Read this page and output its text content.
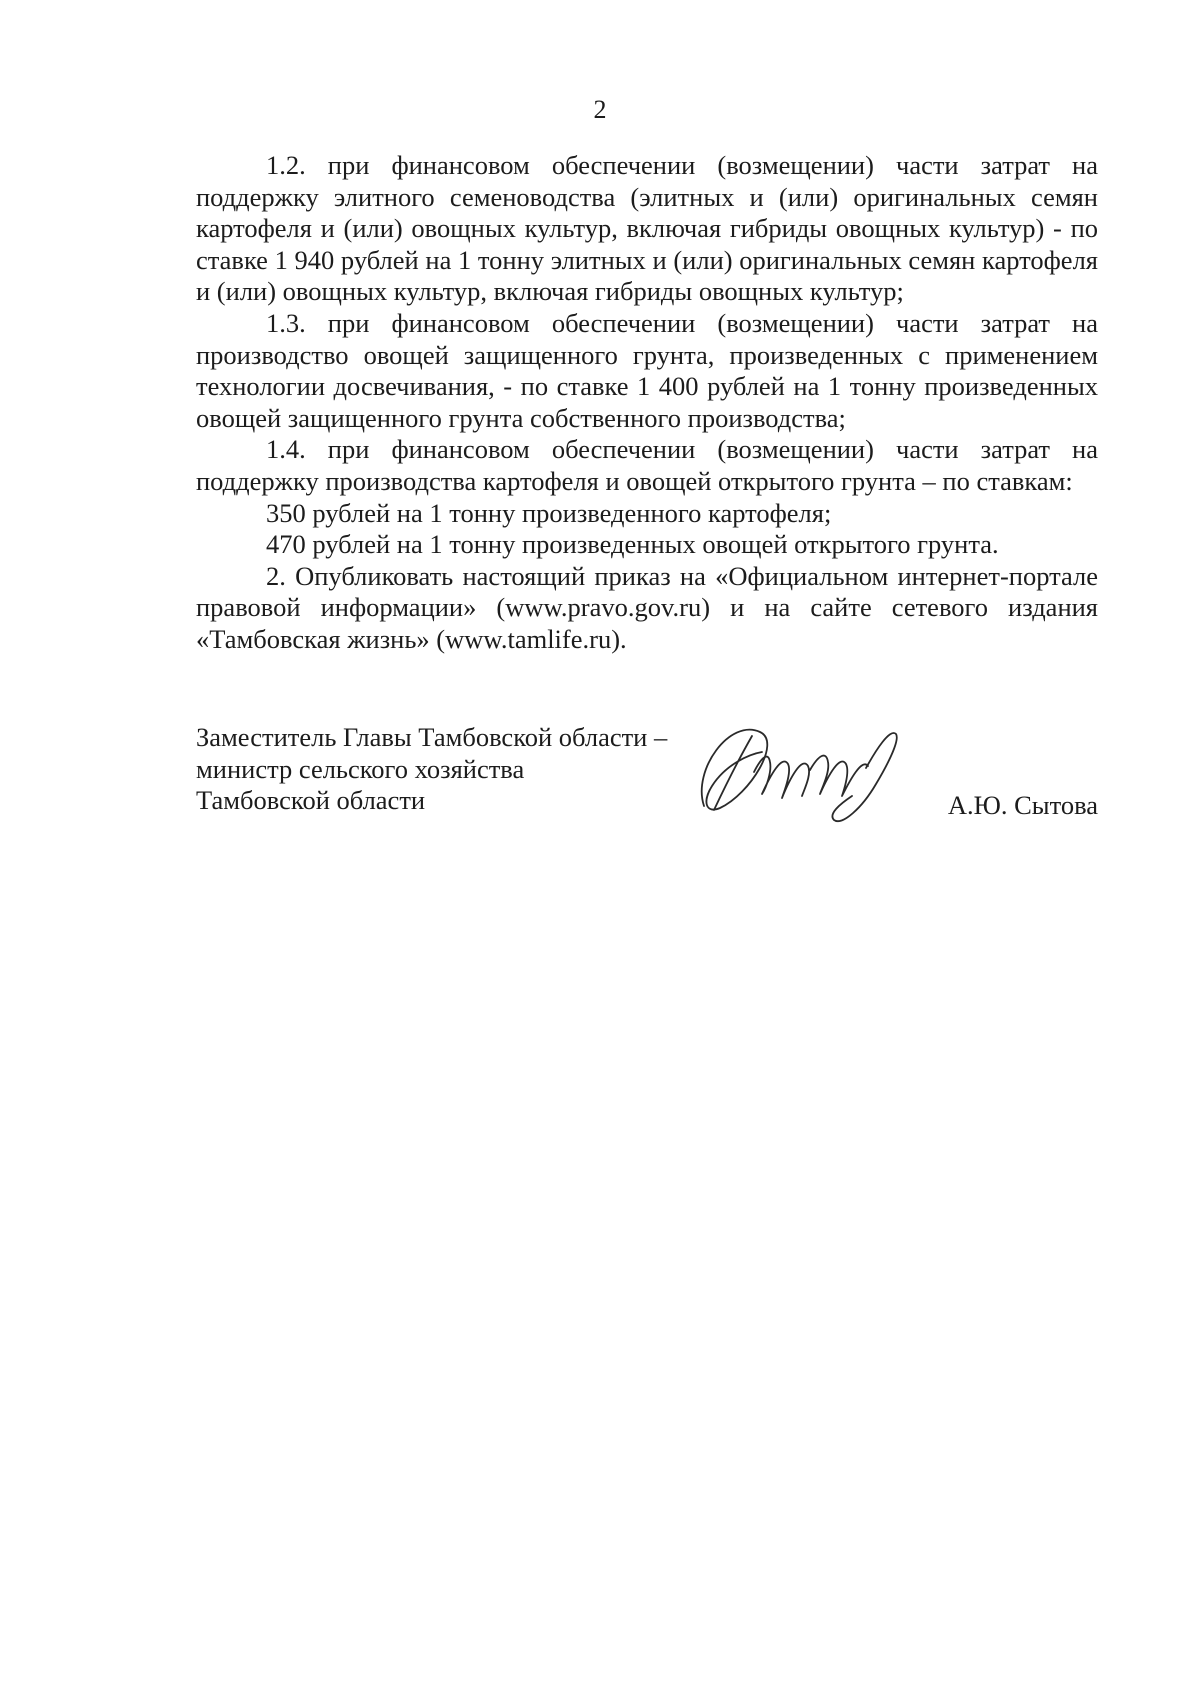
2

1.2. при финансовом обеспечении (возмещении) части затрат на поддержку элитного семеноводства (элитных и (или) оригинальных семян картофеля и (или) овощных культур, включая гибриды овощных культур) - по ставке 1 940 рублей на 1 тонну элитных и (или) оригинальных семян картофеля и (или) овощных культур, включая гибриды овощных культур;

1.3. при финансовом обеспечении (возмещении) части затрат на производство овощей защищенного грунта, произведенных с применением технологии досвечивания, - по ставке 1 400 рублей на 1 тонну произведенных овощей защищенного грунта собственного производства;

1.4. при финансовом обеспечении (возмещении) части затрат на поддержку производства картофеля и овощей открытого грунта – по ставкам:

350 рублей на 1 тонну произведенного картофеля;

470 рублей на 1 тонну произведенных овощей открытого грунта.

2. Опубликовать настоящий приказ на «Официальном интернет-портале правовой информации» (www.pravo.gov.ru) и на сайте сетевого издания «Тамбовская жизнь» (www.tamlife.ru).

Заместитель Главы Тамбовской области –
министр сельского хозяйства
Тамбовской области	А.Ю. Сытова
